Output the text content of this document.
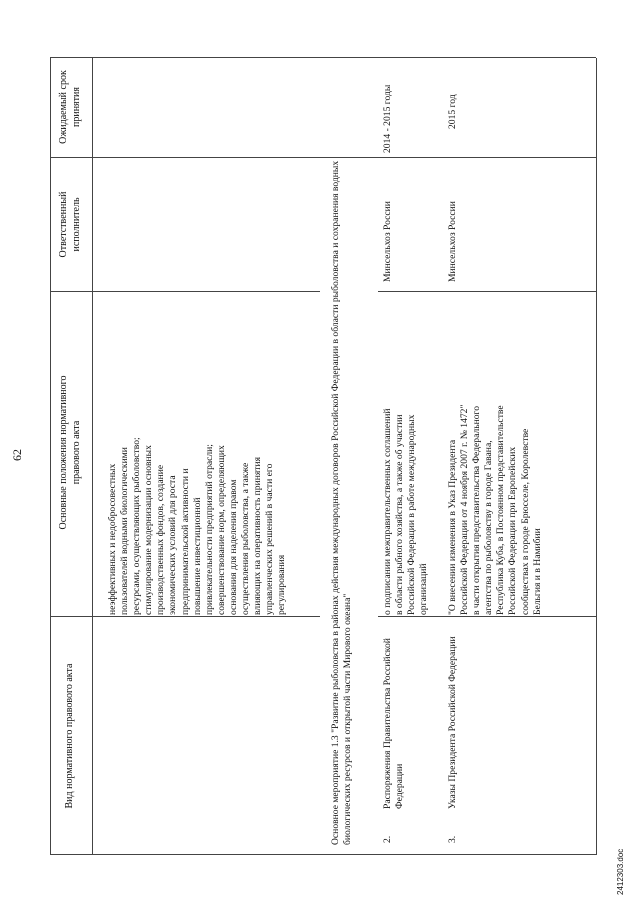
62
Вид нормативного правового акта
Основные положения нормативного правового акта
Ответственный исполнитель
Ожидаемый срок принятия
неэффективных и недобросовестных пользователей водными биологическими ресурсами, осуществляющих рыболовство; стимулирование модернизации основных производственных фондов, создание экономических условий для роста предпринимательской активности и повышение инвестиционной привлекательности предприятий отрасли; совершенствование норм, определяющих основания для наделения правом осуществления рыболовства, а также влияющих на оперативность принятия управленческих решений в части его регулирования	Основное мероприятие 1.3 "Развитие рыболовства в районах действия международных договоров Российской Федерации в области рыболовства и сохранения водных биологических ресурсов и открытой части Мирового океана"	2.
Распоряжения Правительства Российской Федерации
о подписании межправительственных соглашений в области рыбного хозяйства, а также об участии Российской Федерации в работе международных организаций
Минсельхоз России
2014 - 2015 годы
3.
Указы Президента Российской Федерации
"О внесении изменения в Указ Президента Российской Федерации от 4 ноября 2007 г. № 1472" в части открытия представительства Федерального агентства по рыболовству в городе Гавана, Республика Куба, в Постоянном представительстве Российской Федерации при Европейских сообществах в городе Брюсселе, Королевстве Бельгия и в Намибии
Минсельхоз России
2015 год
2412303.doc
